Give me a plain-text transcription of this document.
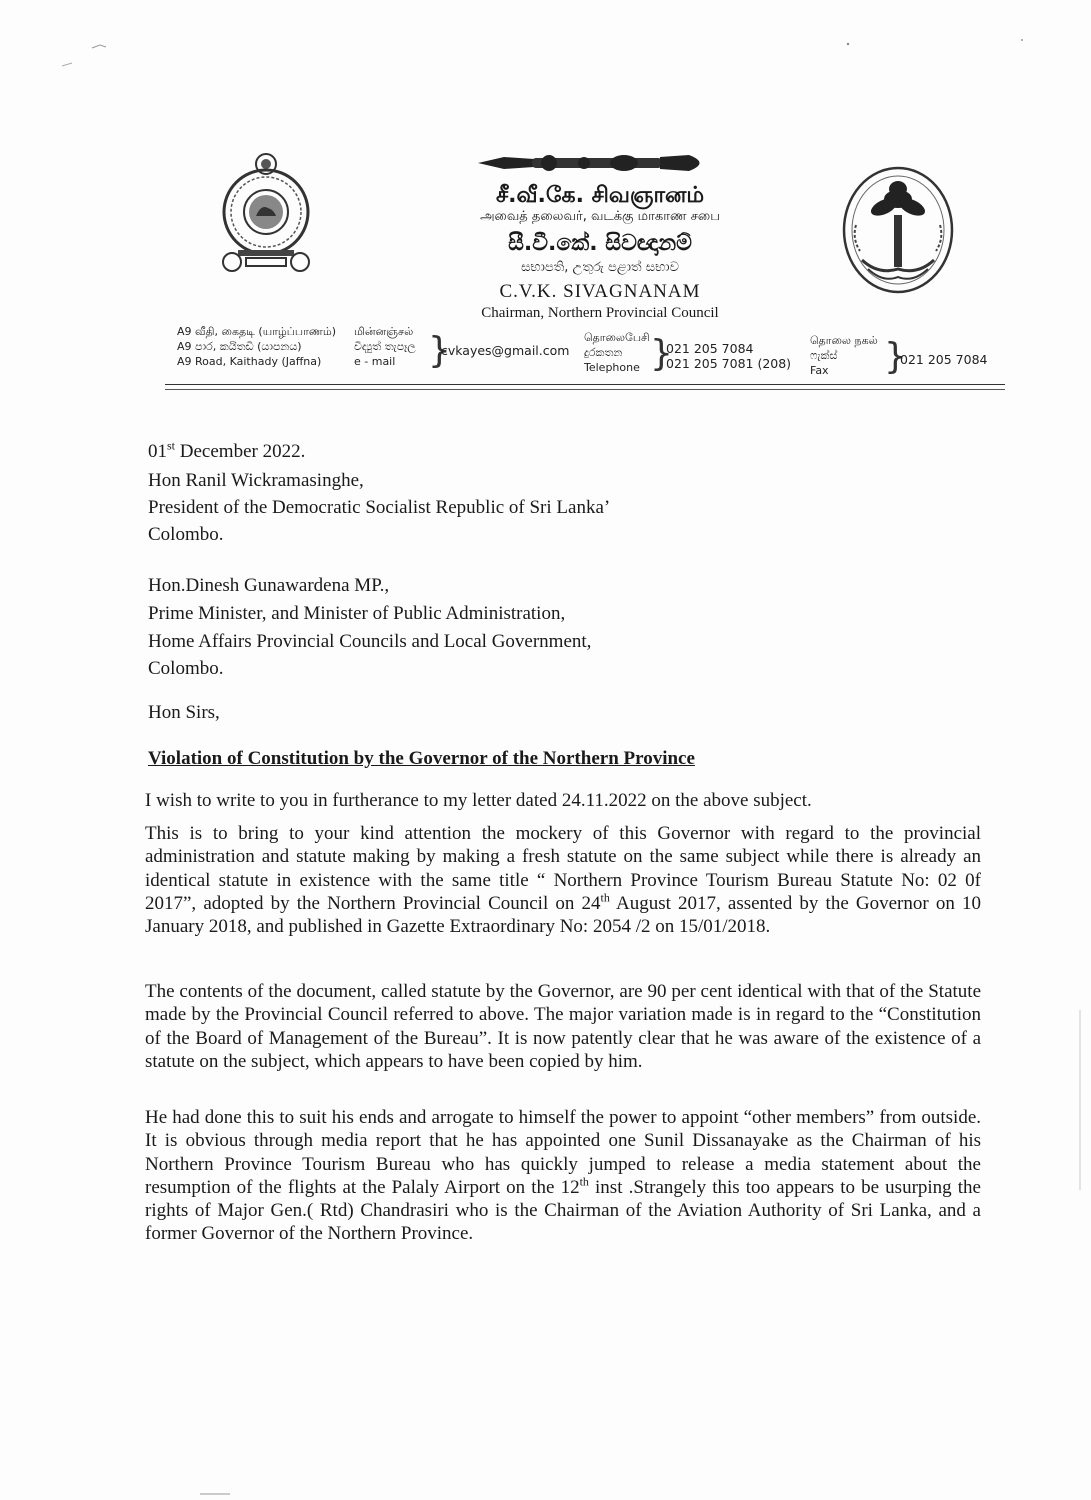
சீ.வீ.கே. சிவஞானம்
அவைத் தலைவர், வடக்கு மாகாண சபை
සී.වී.කේ. සිවඥානම්
සභාපති, උතුරු පළාත් සභාව
C.V.K. SIVAGNANAM
Chairman, Northern Provincial Council
A9 வீதி, கைதடி (யாழ்ப்பாணம்)
A9 පාර, කයිතඩි (යාපනය)
A9 Road, Kaithady (Jaffna)
மின்னஞ்சல்
විද්‍යුත් තැපෑල
e - mail }
cvkayes@gmail.com
தொலைபேசி
දුරකතන
Telephone }
021 205 7084
021 205 7081 (208)
தொலை நகல்
ෆැක්ස්
Fax	}
021 205 7084
01st December 2022.
Hon Ranil Wickramasinghe,
President of the Democratic Socialist Republic of Sri Lanka’
Colombo.
Hon.Dinesh Gunawardena MP.,
Prime Minister, and Minister of Public Administration,
Home Affairs Provincial Councils and Local Government,
Colombo.
Hon Sirs,
Violation of Constitution by the Governor of the Northern Province
I wish to write to you in furtherance to my letter dated 24.11.2022 on the above subject.
This is to bring to your kind attention the mockery of this Governor with regard to the provincial administration and statute making by making a fresh statute on the same subject while there is already an identical statute in existence with the same title “ Northern Province Tourism Bureau Statute No: 02 0f 2017”, adopted by the Northern Provincial Council on 24th August 2017, assented by the Governor on 10 January 2018, and published in Gazette Extraordinary No: 2054 /2 on 15/01/2018.
The contents of the document, called statute by the Governor, are 90 per cent identical with that of the Statute made by the Provincial Council referred to above. The major variation made is in regard to the “Constitution of the Board of Management of the Bureau”. It is now patently clear that he was aware of the existence of a statute on the subject, which appears to have been copied by him.
He had done this to suit his ends and arrogate to himself the power to appoint “other members” from outside. It is obvious through media report that he has appointed one Sunil Dissanayake as the Chairman of his Northern Province Tourism Bureau who has quickly jumped to release a media statement about the resumption of the flights at the Palaly Airport on the 12th inst .Strangely this too appears to be usurping the rights of Major Gen.( Rtd) Chandrasiri who is the Chairman of the Aviation Authority of Sri Lanka, and a former Governor of the Northern Province.
